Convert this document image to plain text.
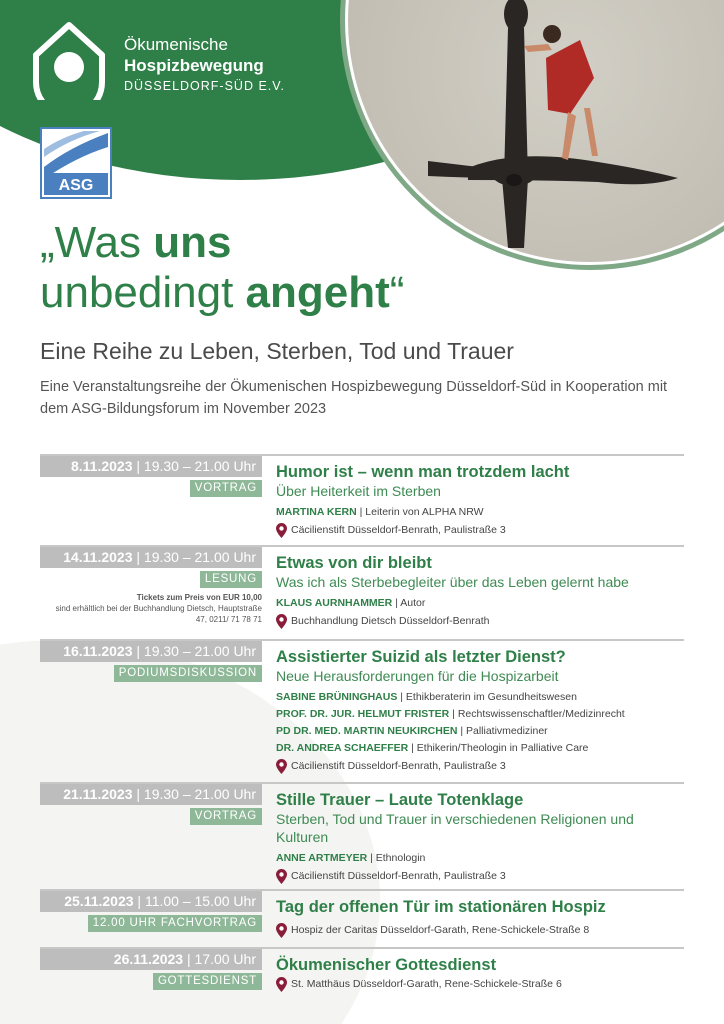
Ökumenische
Hospizbewegung
DÜSSELDORF-SÜD E.V.
ASG
„Was uns
unbedingt angeht“
Eine Reihe zu Leben, Sterben, Tod und Trauer
Eine Veranstaltungsreihe der Ökumenischen Hospizbewegung Düsseldorf-Süd in Kooperation mit dem ASG-Bildungsforum im November 2023
8.11.2023 | 19.30 – 21.00 Uhr
VORTRAG
Humor ist – wenn man trotzdem lacht
Über Heiterkeit im Sterben
MARTINA KERN | Leiterin von ALPHA NRW
Cäcilienstift Düsseldorf-Benrath, Paulistraße 3
14.11.2023 | 19.30 – 21.00 Uhr
LESUNG
Tickets zum Preis von EUR 10,00
sind erhältlich bei der Buchhandlung Dietsch, Hauptstraße 47, 0211/ 71 78 71
Etwas von dir bleibt
Was ich als Sterbebegleiter über das Leben gelernt habe
KLAUS AURNHAMMER | Autor
Buchhandlung Dietsch Düsseldorf-Benrath
16.11.2023 | 19.30 – 21.00 Uhr
PODIUMSDISKUSSION
Assistierter Suizid als letzter Dienst?
Neue Herausforderungen für die Hospizarbeit
SABINE BRÜNINGHAUS | Ethikberaterin im Gesundheitswesen
PROF. DR. JUR. HELMUT FRISTER | Rechtswissenschaftler/Medizinrecht
PD DR. MED. MARTIN NEUKIRCHEN | Palliativmediziner
DR. ANDREA SCHAEFFER | Ethikerin/Theologin in Palliative Care
Cäcilienstift Düsseldorf-Benrath, Paulistraße 3
21.11.2023 | 19.30 – 21.00 Uhr
VORTRAG
Stille Trauer – Laute Totenklage
Sterben, Tod und Trauer in verschiedenen Religionen und Kulturen
ANNE ARTMEYER | Ethnologin
Cäcilienstift Düsseldorf-Benrath, Paulistraße 3
25.11.2023 | 11.00 – 15.00 Uhr
12.00 UHR FACHVORTRAG
Tag der offenen Tür im stationären Hospiz
Hospiz der Caritas Düsseldorf-Garath, Rene-Schickele-Straße 8
26.11.2023 | 17.00 Uhr
GOTTESDIENST
Ökumenischer Gottesdienst
St. Matthäus Düsseldorf-Garath, Rene-Schickele-Straße 6
